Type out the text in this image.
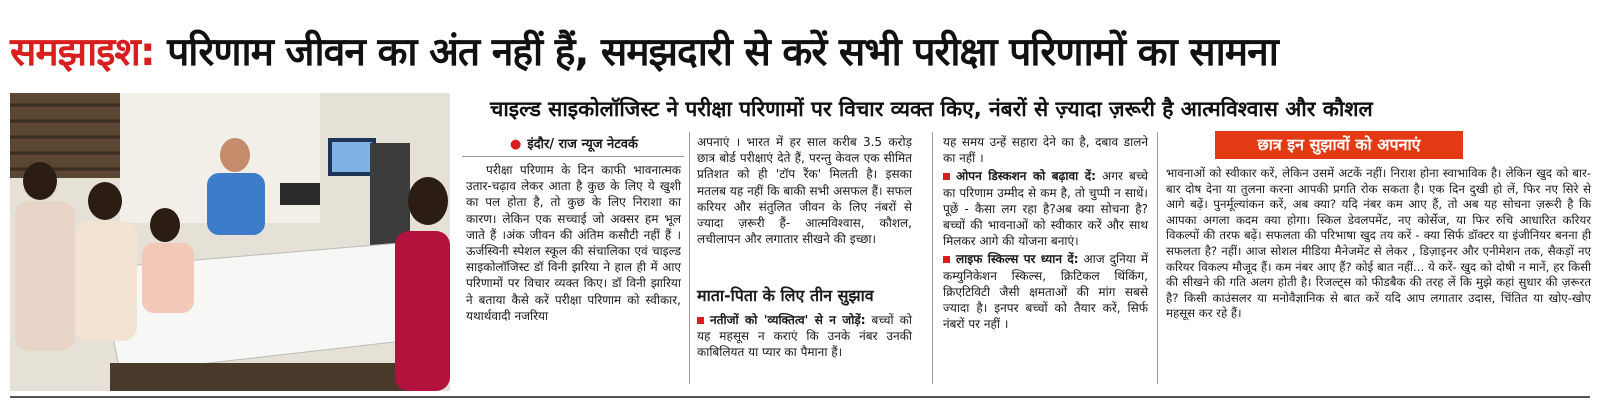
समझाइश: परिणाम जीवन का अंत नहीं हैं, समझदारी से करें सभी परीक्षा परिणामों का सामना
चाइल्ड साइकोलॉजिस्ट ने परीक्षा परिणामों पर विचार व्यक्त किए, नंबरों से ज़्यादा ज़रूरी है आत्मविश्वास और कौशल
● इंदौर/ राज न्यूज नेटवर्क

परीक्षा परिणाम के दिन काफी भावनात्मक उतार-चढ़ाव लेकर आता है कुछ के लिए ये खुशी का पल होता है, तो कुछ के लिए निराशा का कारण। लेकिन एक सच्चाई जो अक्सर हम भूल जाते हैं ।अंक जीवन की अंतिम कसौटी नहीं हैं । ऊर्जस्विनी स्पेशल स्कूल की संचालिका एवं चाइल्ड साइकोलॉजिस्ट डॉ विनी झरिया ने हाल ही में आए परिणामों पर विचार व्यक्त किए। डॉ विनी झारिया ने बताया कैसे करें परीक्षा परिणाम को स्वीकार, यथार्थवादी नजरिया

अपनाएं । भारत में हर साल करीब 3.5 करोड़ छात्र बोर्ड परीक्षाएं देते हैं, परन्तु केवल एक सीमित प्रतिशत को ही 'टॉप रैंक' मिलती है। इसका मतलब यह नहीं कि बाकी सभी असफल हैं। सफल करियर और संतुलित जीवन के लिए नंबरों से ज्यादा ज़रूरी हैं- आत्मविश्वास, कौशल, लचीलापन और लगातार सीखने की इच्छा।

माता-पिता के लिए तीन सुझाव
नतीजों को 'व्यक्तित्व' से न जोड़ें: बच्चों को यह महसूस न कराएं कि उनके नंबर उनकी काबिलियत या प्यार का पैमाना हैं।

यह समय उन्हें सहारा देने का है, दबाव डालने का नहीं ।

ओपन डिस्कशन को बढ़ावा दें: अगर बच्चे का परिणाम उम्मीद से कम है, तो चुप्पी न साधें। पूछें - कैसा लग रहा है?अब क्या सोचना है? बच्चों की भावनाओं को स्वीकार करें और साथ मिलकर आगे की योजना बनाएं।
लाइफ स्किल्स पर ध्यान दें: आज दुनिया में कम्युनिकेशन स्किल्स, क्रिटिकल थिंकिंग, क्रिएटिविटी जैसी क्षमताओं की मांग सबसे ज्यादा है। इनपर बच्चों को तैयार करें, सिर्फ नंबरों पर नहीं ।
छात्र इन सुझावों को अपनाएं

भावनाओं को स्वीकार करें, लेकिन उसमें अटकें नहीं। निराश होना स्वाभाविक है। लेकिन खुद को बार-बार दोष देना या तुलना करना आपकी प्रगति रोक सकता है। एक दिन दुखी हो लें, फिर नए सिरे से आगे बढ़ें। पुनर्मूल्यांकन करें, अब क्या? यदि नंबर कम आए हैं, तो अब यह सोचना ज़रूरी है कि आपका अगला कदम क्या होगा। स्किल डेवलपमेंट, नए कोर्सेज, या फिर रुचि आधारित करियर विकल्पों की तरफ बढ़ें। सफलता की परिभाषा खुद तय करें - क्या सिर्फ डॉक्टर या इंजीनियर बनना ही सफलता है? नहीं। आज सोशल मीडिया मैनेजमेंट से लेकर , डिज़ाइनर और एनीमेशन तक, सैकड़ों नए करियर विकल्प मौजूद हैं। कम नंबर आए हैं? कोई बात नहीं... ये करें- खुद को दोषी न मानें, हर किसी की सीखने की गति अलग होती है। रिजल्ट्स को फीडबैक की तरह लें कि मुझे कहां सुधार की ज़रूरत है? किसी काउंसलर या मनोवैज्ञानिक से बात करें यदि आप लगातार उदास, चिंतित या खोए-खोए महसूस कर रहे हैं।
